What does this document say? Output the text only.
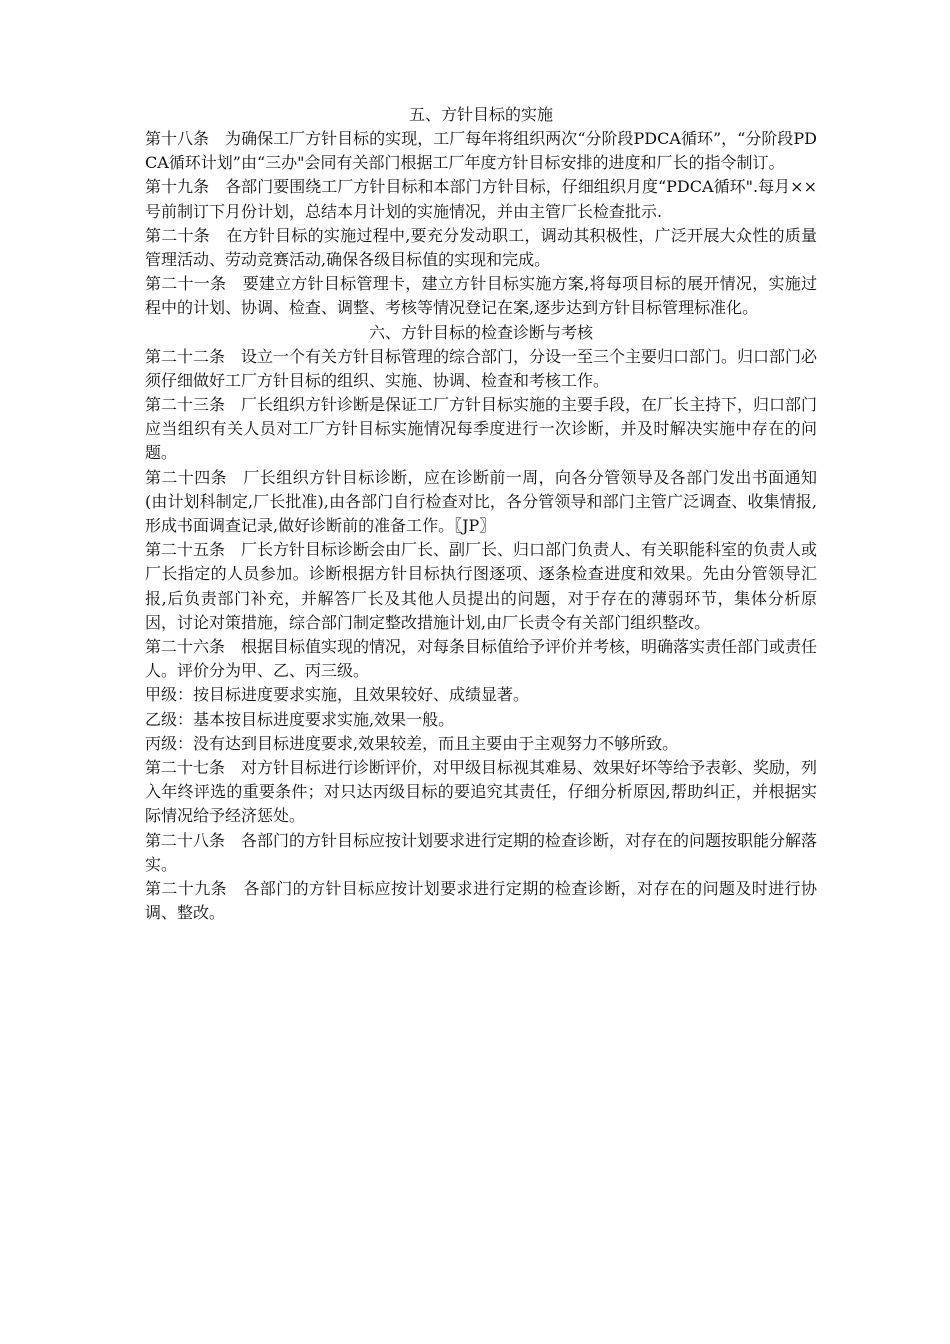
五、方针目标的实施

第十八条　为确保工厂方针目标的实现，工厂每年将组织两次“分阶段PDCA循环”，“分阶段PDCA循环计划”由“三办"会同有关部门根据工厂年度方针目标安排的进度和厂长的指令制订。

第十九条　各部门要围绕工厂方针目标和本部门方针目标，仔细组织月度“PDCA循环".每月××号前制订下月份计划，总结本月计划的实施情况，并由主管厂长检查批示.

第二十条　在方针目标的实施过程中,要充分发动职工，调动其积极性，广泛开展大众性的质量管理活动、劳动竞赛活动,确保各级目标值的实现和完成。

第二十一条　要建立方针目标管理卡，建立方针目标实施方案,将每项目标的展开情况，实施过程中的计划、协调、检查、调整、考核等情况登记在案,逐步达到方针目标管理标准化。

六、方针目标的检查诊断与考核

第二十二条　设立一个有关方针目标管理的综合部门，分设一至三个主要归口部门。归口部门必须仔细做好工厂方针目标的组织、实施、协调、检查和考核工作。

第二十三条　厂长组织方针诊断是保证工厂方针目标实施的主要手段，在厂长主持下，归口部门应当组织有关人员对工厂方针目标实施情况每季度进行一次诊断，并及时解决实施中存在的问题。

第二十四条　厂长组织方针目标诊断，应在诊断前一周，向各分管领导及各部门发出书面通知(由计划科制定,厂长批准),由各部门自行检查对比，各分管领导和部门主管广泛调查、收集情报,形成书面调查记录,做好诊断前的准备工作。〖JP〗

第二十五条　厂长方针目标诊断会由厂长、副厂长、归口部门负责人、有关职能科室的负责人或厂长指定的人员参加。诊断根据方针目标执行图逐项、逐条检查进度和效果。先由分管领导汇报,后负责部门补充，并解答厂长及其他人员提出的问题，对于存在的薄弱环节，集体分析原因，讨论对策措施，综合部门制定整改措施计划,由厂长责令有关部门组织整改。

第二十六条　根据目标值实现的情况，对每条目标值给予评价并考核，明确落实责任部门或责任人。评价分为甲、乙、丙三级。

甲级：按目标进度要求实施，且效果较好、成绩显著。

乙级：基本按目标进度要求实施,效果一般。

丙级：没有达到目标进度要求,效果较差，而且主要由于主观努力不够所致。

第二十七条　对方针目标进行诊断评价，对甲级目标视其难易、效果好坏等给予表彰、奖励，列入年终评选的重要条件；对只达丙级目标的要追究其责任，仔细分析原因,帮助纠正，并根据实际情况给予经济惩处。

第二十八条　各部门的方针目标应按计划要求进行定期的检查诊断，对存在的问题按职能分解落实。

第二十九条　各部门的方针目标应按计划要求进行定期的检查诊断，对存在的问题及时进行协调、整改。
